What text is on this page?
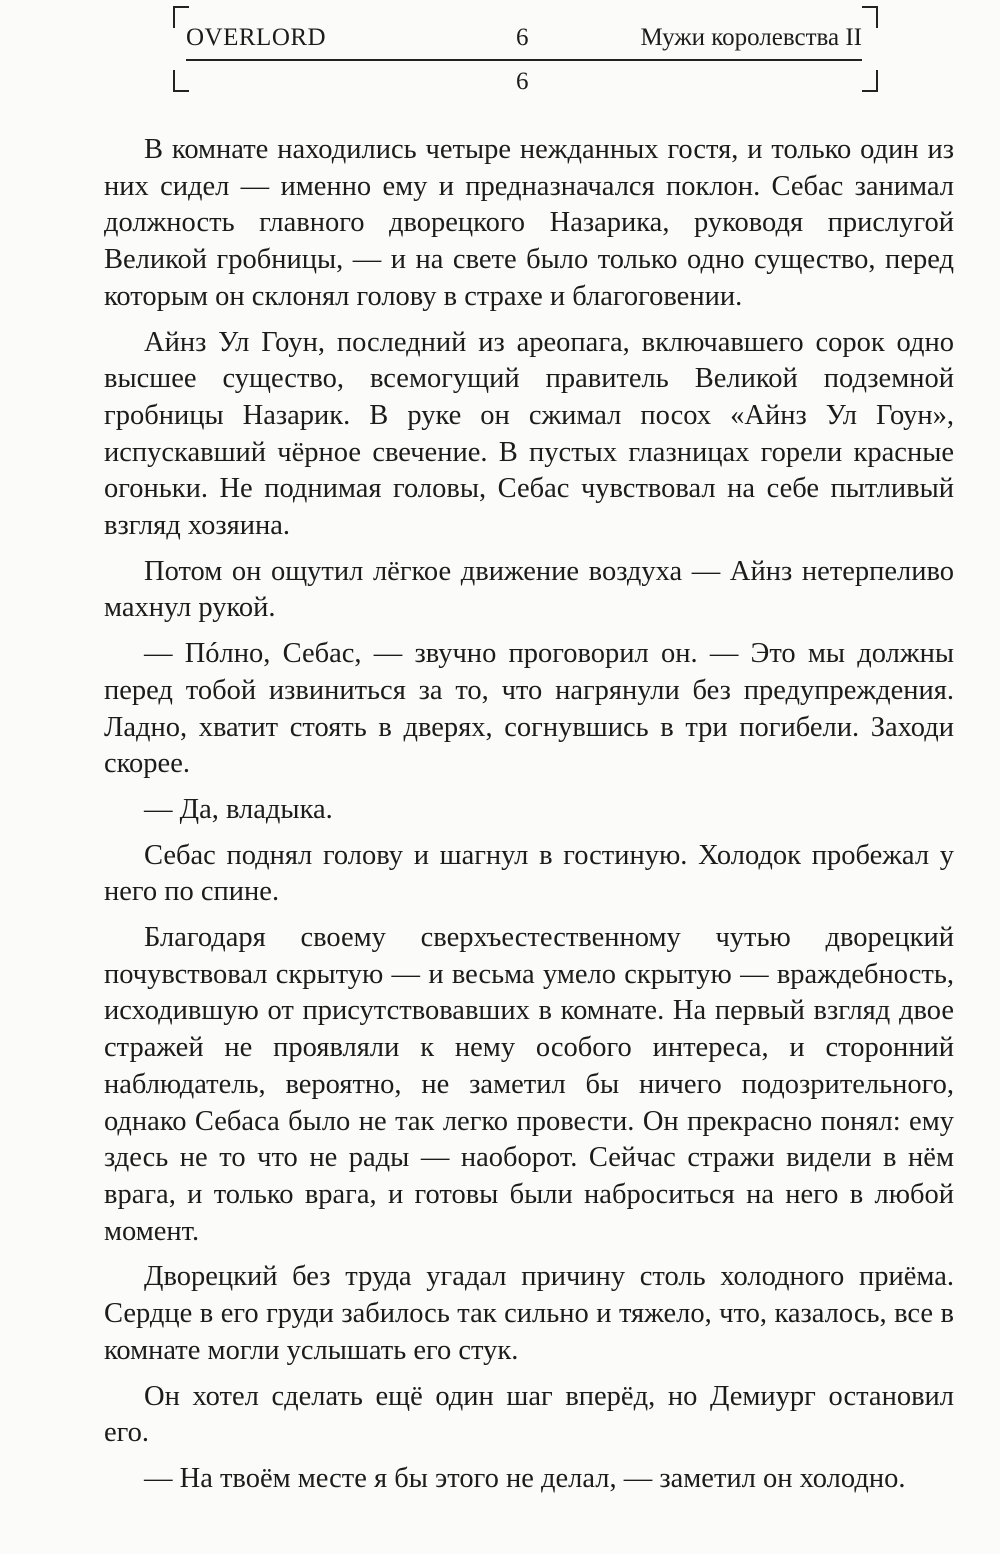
OVERLORD	6	Мужи королевства II
6

В комнате находились четыре нежданных гостя, и только один из них сидел — именно ему и предназначался поклон. Себас занимал должность главного дворецкого Назарика, руководя прислугой Великой гробницы, — и на свете было только одно существо, перед которым он склонял голову в страхе и благоговении.

Айнз Ул Гоун, последний из ареопага, включавшего сорок одно высшее существо, всемогущий правитель Великой подземной гробницы Назарик. В руке он сжимал посох «Айнз Ул Гоун», испускавший чёрное свечение. В пустых глазницах горели красные огоньки. Не поднимая головы, Себас чувствовал на себе пытливый взгляд хозяина.

Потом он ощутил лёгкое движение воздуха — Айнз нетерпеливо махнул рукой.

— Пóлно, Себас, — звучно проговорил он. — Это мы должны перед тобой извиниться за то, что нагрянули без предупреждения. Ладно, хватит стоять в дверях, согнувшись в три погибели. Заходи скорее.

— Да, владыка.

Себас поднял голову и шагнул в гостиную. Холодок пробежал у него по спине.

Благодаря своему сверхъестественному чутью дворецкий почувствовал скрытую — и весьма умело скрытую — враждебность, исходившую от присутствовавших в комнате. На первый взгляд двое стражей не проявляли к нему особого интереса, и сторонний наблюдатель, вероятно, не заметил бы ничего подозрительного, однако Себаса было не так легко провести. Он прекрасно понял: ему здесь не то что не рады — наоборот. Сейчас стражи видели в нём врага, и только врага, и готовы были наброситься на него в любой момент.

Дворецкий без труда угадал причину столь холодного приёма. Сердце в его груди забилось так сильно и тяжело, что, казалось, все в комнате могли услышать его стук.

Он хотел сделать ещё один шаг вперёд, но Демиург остановил его.

— На твоём месте я бы этого не делал, — заметил он холодно.
